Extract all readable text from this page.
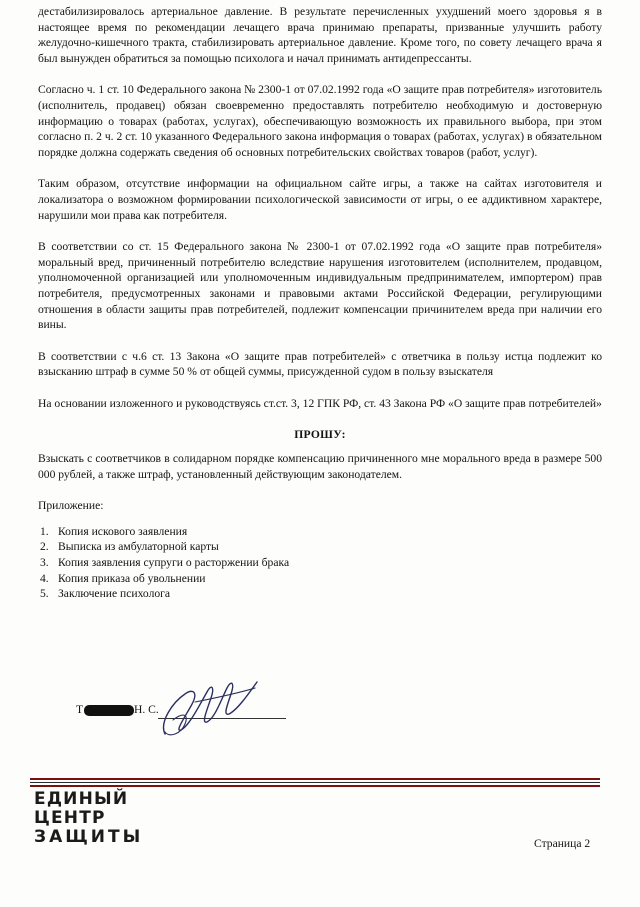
дестабилизировалось артериальное давление. В результате перечисленных ухудшений моего здоровья я в настоящее время по рекомендации лечащего врача принимаю препараты, призванные улучшить работу желудочно-кишечного тракта, стабилизировать артериальное давление. Кроме того, по совету лечащего врача я был вынужден обратиться за помощью психолога и начал принимать антидепрессанты.

Согласно ч. 1 ст. 10 Федерального закона № 2300-1 от 07.02.1992 года «О защите прав потребителя» изготовитель (исполнитель, продавец) обязан своевременно предоставлять потребителю необходимую и достоверную информацию о товарах (работах, услугах), обеспечивающую возможность их правильного выбора, при этом согласно п. 2 ч. 2 ст. 10 указанного Федерального закона информация о товарах (работах, услугах) в обязательном порядке должна содержать сведения об основных потребительских свойствах товаров (работ, услуг).

Таким образом, отсутствие информации на официальном сайте игры, а также на сайтах изготовителя и локализатора о возможном формировании психологической зависимости от игры, о ее аддиктивном характере, нарушили мои права как потребителя.

В соответствии со ст. 15 Федерального закона № 2300-1 от 07.02.1992 года «О защите прав потребителя» моральный вред, причиненный потребителю вследствие нарушения изготовителем (исполнителем, продавцом, уполномоченной организацией или уполномоченным индивидуальным предпринимателем, импортером) прав потребителя, предусмотренных законами и правовыми актами Российской Федерации, регулирующими отношения в области защиты прав потребителей, подлежит компенсации причинителем вреда при наличии его вины.

В соответствии с ч.6 ст. 13 Закона «О защите прав потребителей» с ответчика в пользу истца подлежит ко взысканию штраф в сумме 50 % от общей суммы, присужденной судом в пользу взыскателя

На основании изложенного и руководствуясь ст.ст. 3, 12 ГПК РФ, ст. 43 Закона РФ «О защите прав потребителей»

ПРОШУ:

Взыскать с соответчиков в солидарном порядке компенсацию причиненного мне морального вреда в размере 500 000 рублей, а также штраф, установленный действующим законодателем.

Приложение:
Копия искового заявления
Выписка из амбулаторной карты
Копия заявления супруги о расторжении брака
Копия приказа об увольнении
Заключение психолога
Т	Н. С.
ЕДИНЫЙ
ЦЕНТР
ЗАЩИТЫ	Страница 2
